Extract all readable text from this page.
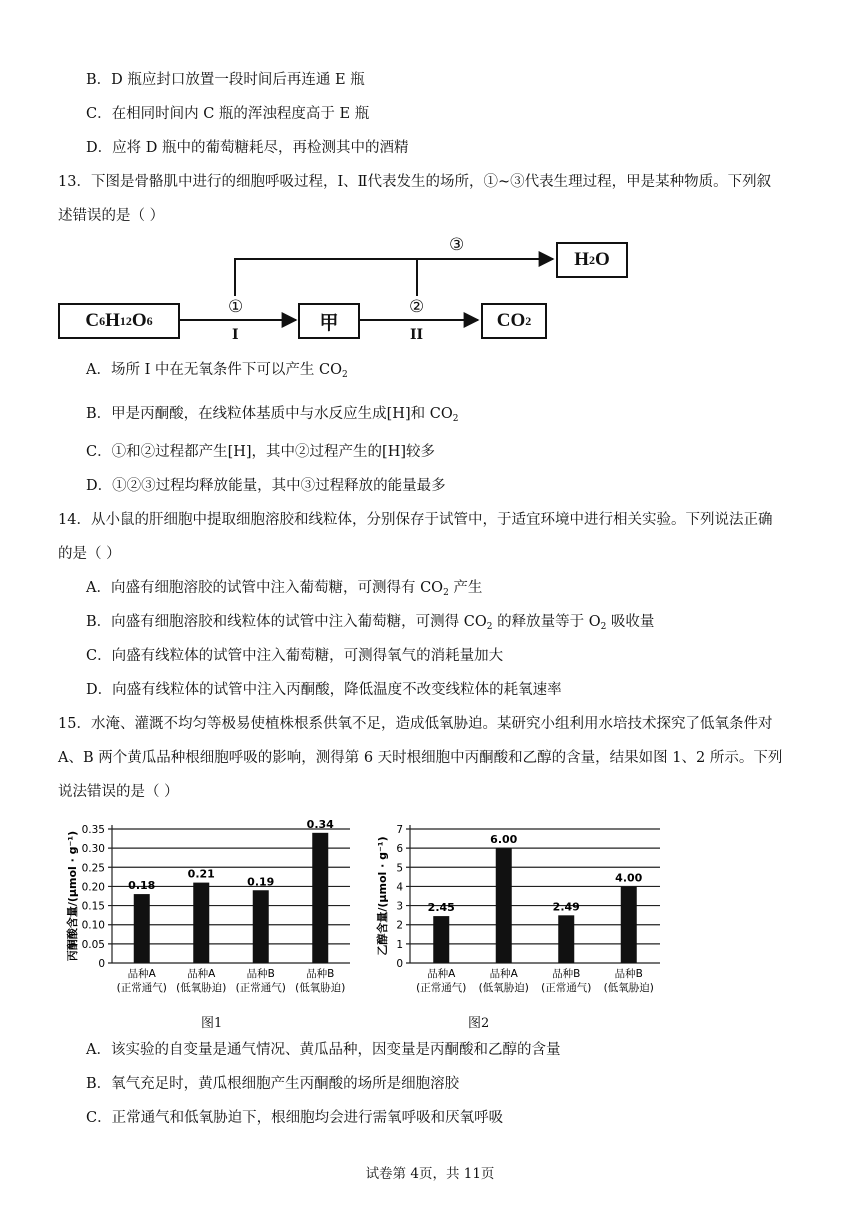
B．D 瓶应封口放置一段时间后再连通 E 瓶
C．在相同时间内 C 瓶的浑浊程度高于 E 瓶
D．应将 D 瓶中的葡萄糖耗尽，再检测其中的酒精
13．下图是骨骼肌中进行的细胞呼吸过程，Ⅰ、Ⅱ代表发生的场所，①~③代表生理过程，甲是某种物质。下列叙
述错误的是（ ）
C 6 H 12 O 6	甲	CO 2
H 2 O
①	②
③
I	II
A．场所 I 中在无氧条件下可以产生 $CO_2$
B．甲是丙酮酸，在线粒体基质中与水反应生成[H]和 $CO_2$
C．①和②过程都产生[H]，其中②过程产生的[H]较多
D．①②③过程均释放能量，其中③过程释放的能量最多
14．从小鼠的肝细胞中提取细胞溶胶和线粒体，分别保存于试管中，于适宜环境中进行相关实验。下列说法正确
的是（ ）
A．向盛有细胞溶胶的试管中注入葡萄糖，可测得有 $CO_2$ 产生
B．向盛有细胞溶胶和线粒体的试管中注入葡萄糖，可测得 $CO_2$ 的释放量等于 $O_2$ 吸收量
C．向盛有线粒体的试管中注入葡萄糖，可测得氧气的消耗量加大
D．向盛有线粒体的试管中注入丙酮酸，降低温度不改变线粒体的耗氧速率
15．水淹、灌溉不均匀等极易使植株根系供氧不足，造成低氧胁迫。某研究小组利用水培技术探究了低氧条件对
A、B 两个黄瓜品种根细胞呼吸的影响，测得第 6 天时根细胞中丙酮酸和乙醇的含量，结果如图 1、2 所示。下列
说法错误的是（ ）
丙酮酸含量/(μmol · g⁻¹)
0
0.05
0.10
0.15
0.20
0.25
0.30
0.35
0.18
品种A
(正常通气)
0.21
品种A
(低氧胁迫)
0.19
品种B
(正常通气)
0.34
品种B
(低氧胁迫)
乙醇含量/(μmol · g⁻¹)
0
1
2
3
4
5
6
7
2.45
品种A
(正常通气)
6.00
品种A
(低氧胁迫)
2.49
品种B
(正常通气)
4.00
品种B
(低氧胁迫)
图1	图2
A．该实验的自变量是通气情况、黄瓜品种，因变量是丙酮酸和乙醇的含量
B．氧气充足时，黄瓜根细胞产生丙酮酸的场所是细胞溶胶
C．正常通气和低氧胁迫下，根细胞均会进行需氧呼吸和厌氧呼吸
试卷第 4页，共 11页
